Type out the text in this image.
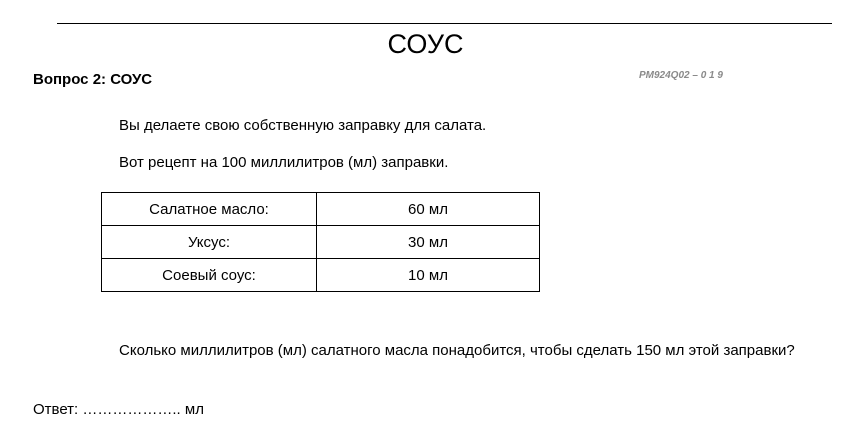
СОУС
Вопрос 2: СОУС	PM924Q02 – 0 1 9
Вы делаете свою собственную заправку для салата.
Вот рецепт на 100 миллилитров (мл) заправки.
Салатное масло:	60 мл
Уксус:	30 мл
Соевый соус:	10 мл
Сколько миллилитров (мл) салатного масла понадобится, чтобы сделать 150 мл этой заправки?
Ответ: ……………….. мл
